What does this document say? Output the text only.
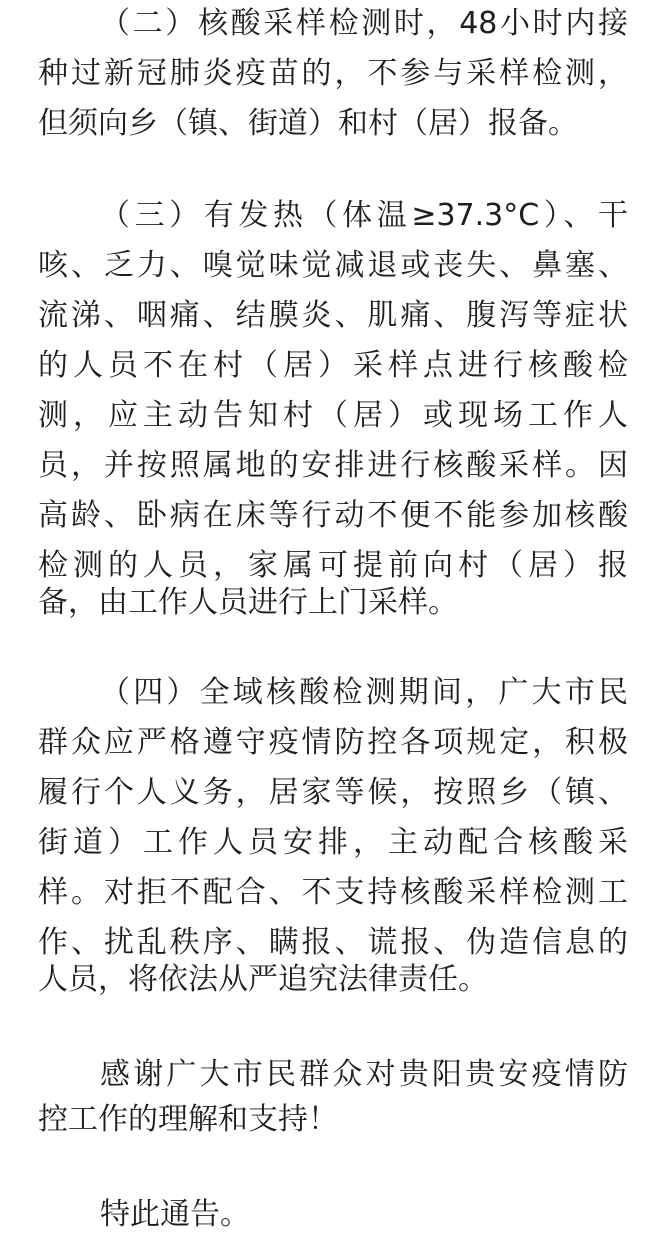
（二）核酸采样检测时，48小时内接
种过新冠肺炎疫苗的，不参与采样检测，
但须向乡（镇、街道）和村（居）报备。
（三）有发热（体温≥37.3°C）、干
咳、乏力、嗅觉味觉减退或丧失、鼻塞、
流涕、咽痛、结膜炎、肌痛、腹泻等症状
的人员不在村（居）采样点进行核酸检
测，应主动告知村（居）或现场工作人
员，并按照属地的安排进行核酸采样。因
高龄、卧病在床等行动不便不能参加核酸
检测的人员，家属可提前向村（居）报
备，由工作人员进行上门采样。
（四）全域核酸检测期间，广大市民
群众应严格遵守疫情防控各项规定，积极
履行个人义务，居家等候，按照乡（镇、
街道）工作人员安排，主动配合核酸采
样。对拒不配合、不支持核酸采样检测工
作、扰乱秩序、瞒报、谎报、伪造信息的
人员，将依法从严追究法律责任。
感谢广大市民群众对贵阳贵安疫情防
控工作的理解和支持！
特此通告。
